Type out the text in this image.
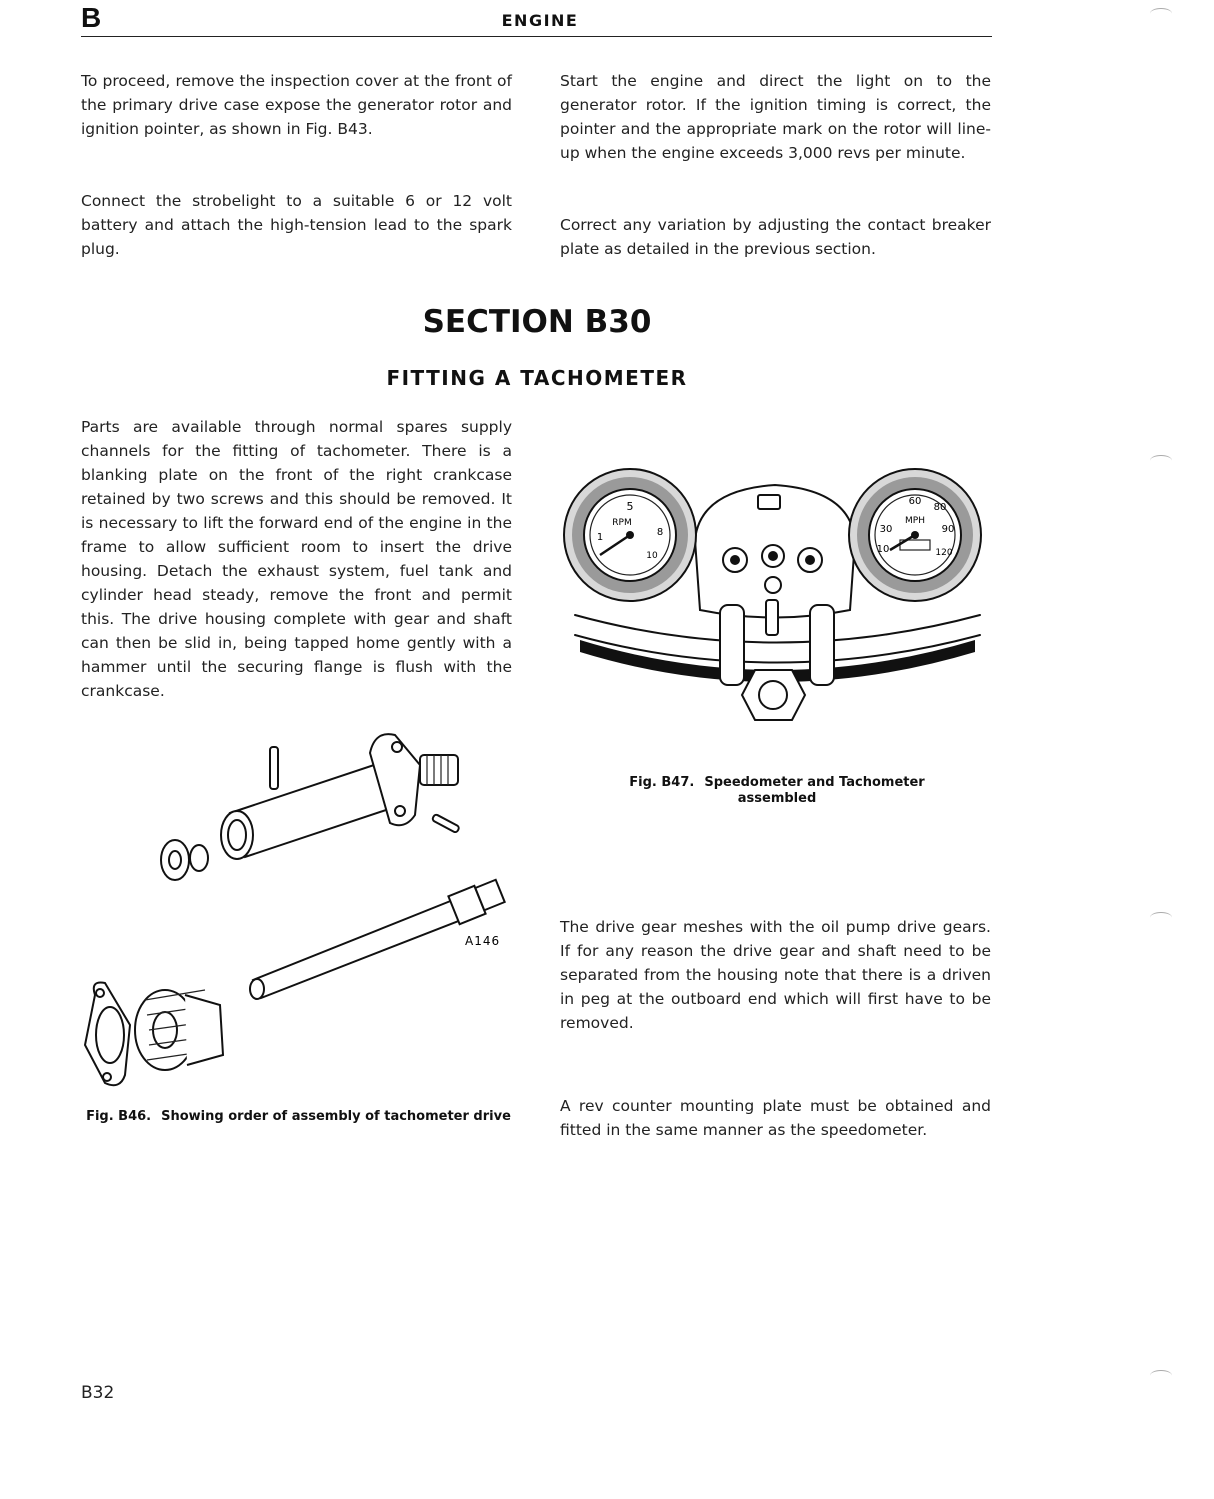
B	ENGINE

To proceed, remove the inspection cover at the front of the primary drive case expose the generator rotor and ignition pointer, as shown in Fig. B43.

Connect the strobelight to a suitable 6 or 12 volt battery and attach the high-tension lead to the spark plug.

Start the engine and direct the light on to the generator rotor. If the ignition timing is correct, the pointer and the appropriate mark on the rotor will line-up when the engine exceeds 3,000 revs per minute.

Correct any variation by adjusting the contact breaker plate as detailed in the previous section.

SECTION B30
FITTING A TACHOMETER

Parts are available through normal spares supply channels for the fitting of tachometer. There is a blanking plate on the front of the right crankcase retained by two screws and this should be removed. It is necessary to lift the forward end of the engine in the frame to allow sufficient room to insert the drive housing. Detach the exhaust system, fuel tank and cylinder head steady, remove the front and permit this. The drive housing complete with gear and shaft can then be slid in, being tapped home gently with a hammer until the securing flange is flush with the crankcase.

The drive gear meshes with the oil pump drive gears. If for any reason the drive gear and shaft need to be separated from the housing note that there is a driven in peg at the outboard end which will first have to be removed.

A rev counter mounting plate must be obtained and fitted in the same manner as the speedometer.

5
8
1
10
RPM
60
80
90
30
10	120
MPH
Fig. B47. Speedometer and Tachometer assembled
A146
Fig. B46. Showing order of assembly of tachometer drive
B32
